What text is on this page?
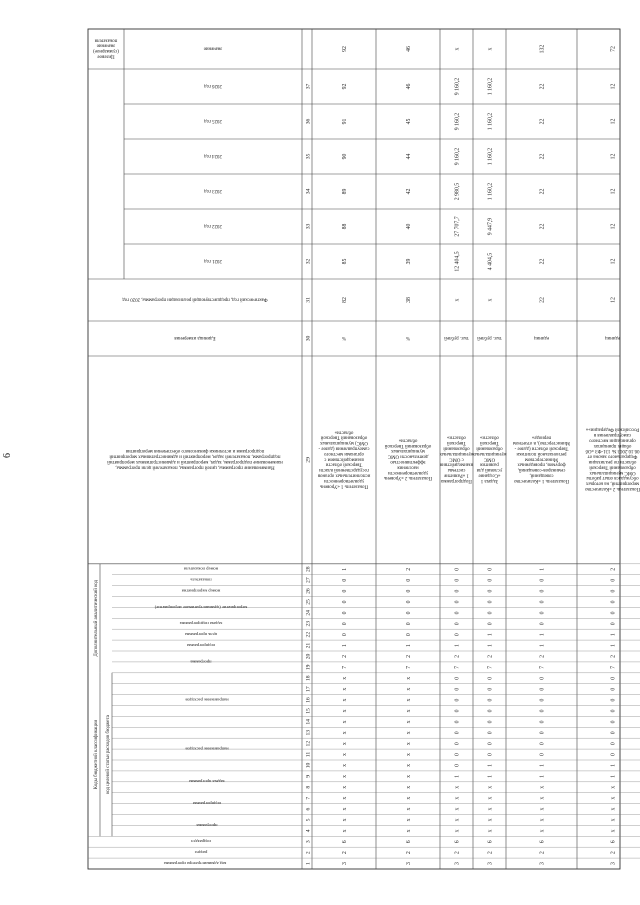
6
Коды бюджетной классификации
Дополнительный аналитический код
код целевой статьи расходов бюджета
код администратора программы
раздел
подраздел
программа
подпрограмма
задача программы
направление расходов
направление расходов
программа
подпрограмма
цель программы
задача подпрограммы
мероприятие (административное мероприятие)
номер мероприятия
показатель
номер показателя
Наименование программы, целей программы, показателей цели программы,
наименование подпрограмм, задач, мероприятий и административных мероприятий
подпрограмм, показателей задач, мероприятий и административных мероприятий
подпрограмм и источники финансового обеспечения мероприятия
Единица измерения
Фактический год, предшествующий реализации программы, 2020 год
2021 год
2022 год
2023 год
2024 год
2025 год
2026 год
Целевое
(суммарное)
значение
показателя
значение
1
2
3
4
5
6
7
8
9
10
11
12
13
14
15
16
17
18
19
20
21
22
23
24
25
26
27
28
29
30
31
32
33
34
35
36
37
3
2
6
х
х
х
х
х
х
х
х
х
х
х
х
х
х
х
7
2
1
0
0
0
0
0
0
1
Показатель 1 «Уровень
удовлетворенности
исполнительных органов
государственной власти
Тверской области
взаимодействием с
органами местного
самоуправления (далее -
ОМС) муниципальных
образований Тверской
области»
%
82
85
88
89
90
91
92
92
3
2
6
х
х
х
х
х
х
х
х
х
х
х
х
х
х
х
7
2
1
0
0
0
0
0
0
2
Показатель 2 «Уровень
удовлетворенности
населения
эффективностью
деятельности ОМС
муниципальных
образований Тверской
области»
%
38
39
40
42
44
45
46
46
3
2
6
х
х
х
х
х
1
0
0
0
0
0
0
0
0
0
7
2
1
0
0
0
0
0
0
0
Подпрограмма
1 «Развитие
системы
взаимодействия
с ОМС
муниципальных
образований
Тверской
области»
тыс. рублей
х
12 404,5
27 707,7
2 980,5
9 160,2
9 160,2
9 160,2
х
3
2
6
х
х
х
х
х
1
1
0
0
0
0
0
0
0
0
7
2
1
1
0
0
0
0
0
0
Задача 1
«Создание
условий для
развития
ОМС
муниципальных
образований
Тверской
области»
тыс. рублей
х
4 404,5
9 447,9
1 160,2
1 160,2
1 160,2
1 160,2
х
3
2
6
х
х
х
х
х
1
1
0
0
0
0
0
0
0
0
7
2
1
1
0
0
0
0
0
1
Показатель 1 «Количество
совещаний,
семинаров-совещаний,
форумов, проведенных
Министерством
региональной политики
Тверской области (далее -
Министерство), в отчетном
периоде»
единиц
22
22
22
22
22
22
22
132
3
2
6
х
х
х
х
х
1
1
0
0
0
0
0
0
0
0
7
2
1
1
0
0
0
0
0
2
Показатель 2 «Количество
мероприятий, на которых
обсуждался опыт работы
ОМС муниципальных
образований Тверской
области по реализации
Федерального закона от
06.10.2003 № 131-ФЗ «Об
общих принципах
организации местного
самоуправления в
Российской Федерации»»
единиц
12
12
12
12
12
12
12
72
